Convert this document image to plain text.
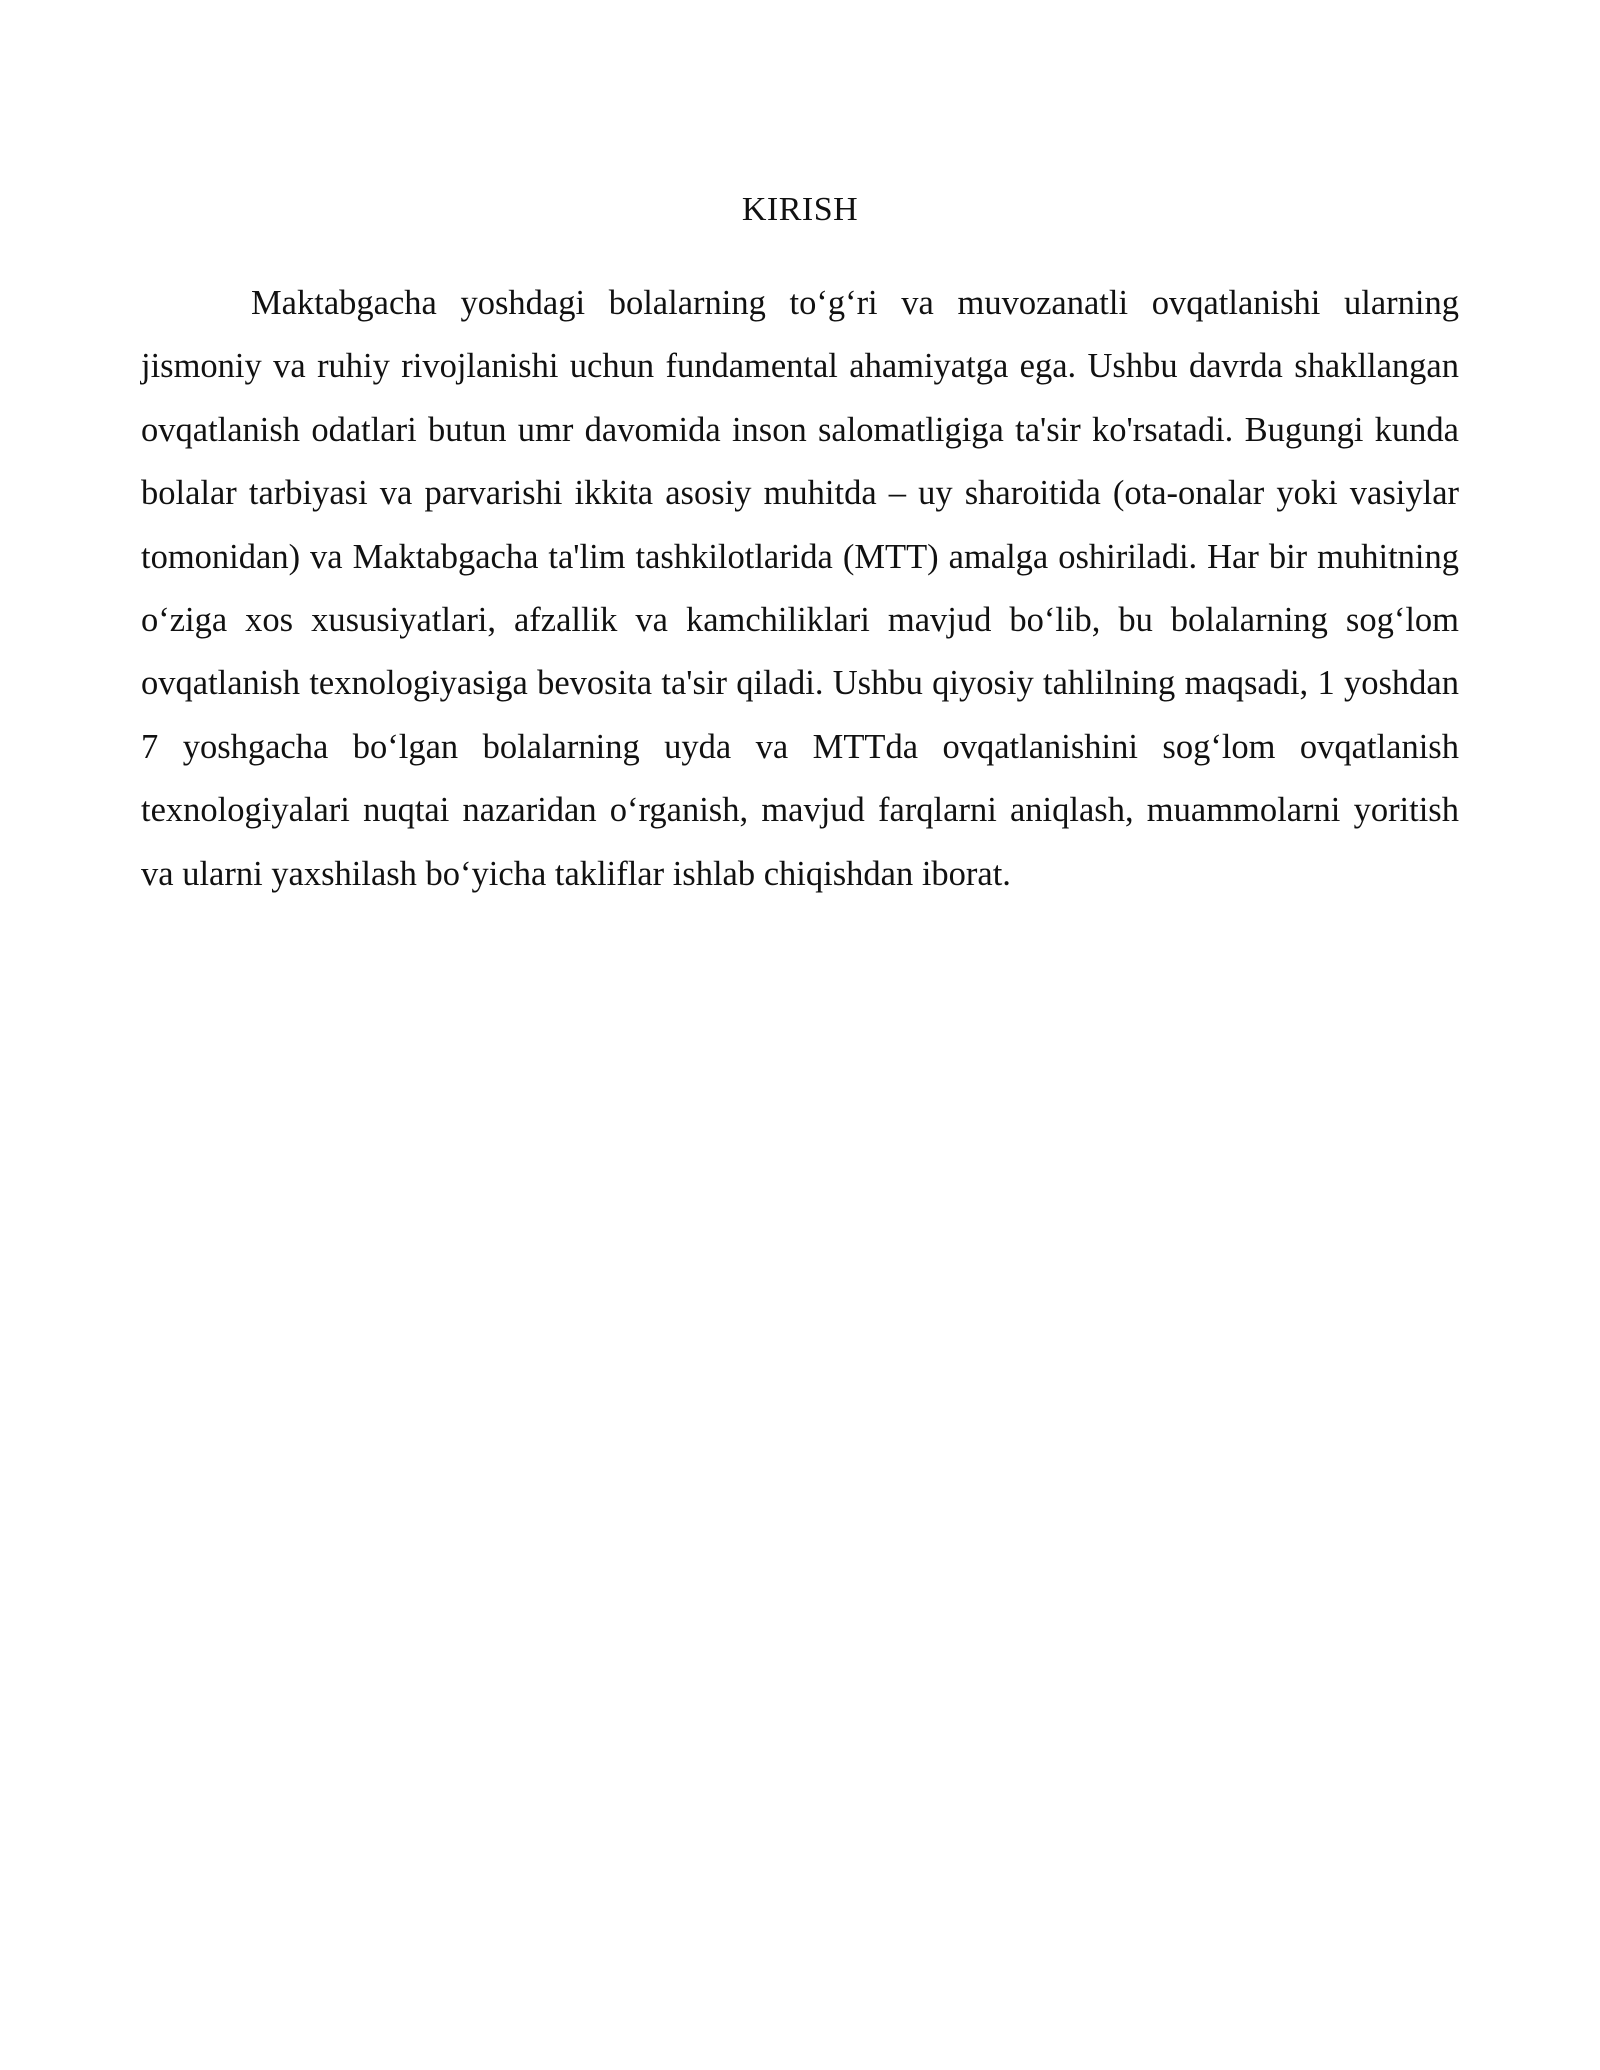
KIRISH

Maktabgacha yoshdagi bolalarning to‘g‘ri va muvozanatli ovqatlanishi ularning jismoniy va ruhiy rivojlanishi uchun fundamental ahamiyatga ega. Ushbu davrda shakllangan ovqatlanish odatlari butun umr davomida inson salomatligiga ta'sir ko'rsatadi. Bugungi kunda bolalar tarbiyasi va parvarishi ikkita asosiy muhitda – uy sharoitida (ota-onalar yoki vasiylar tomonidan) va Maktabgacha ta'lim tashkilotlarida (MTT) amalga oshiriladi. Har bir muhitning o‘ziga xos xususiyatlari, afzallik va kamchiliklari mavjud bo‘lib, bu bolalarning sog‘lom ovqatlanish texnologiyasiga bevosita ta'sir qiladi. Ushbu qiyosiy tahlilning maqsadi, 1 yoshdan 7 yoshgacha bo‘lgan bolalarning uyda va MTTda ovqatlanishini sog‘lom ovqatlanish texnologiyalari nuqtai nazaridan o‘rganish, mavjud farqlarni aniqlash, muammolarni yoritish va ularni yaxshilash bo‘yicha takliflar ishlab chiqishdan iborat.
